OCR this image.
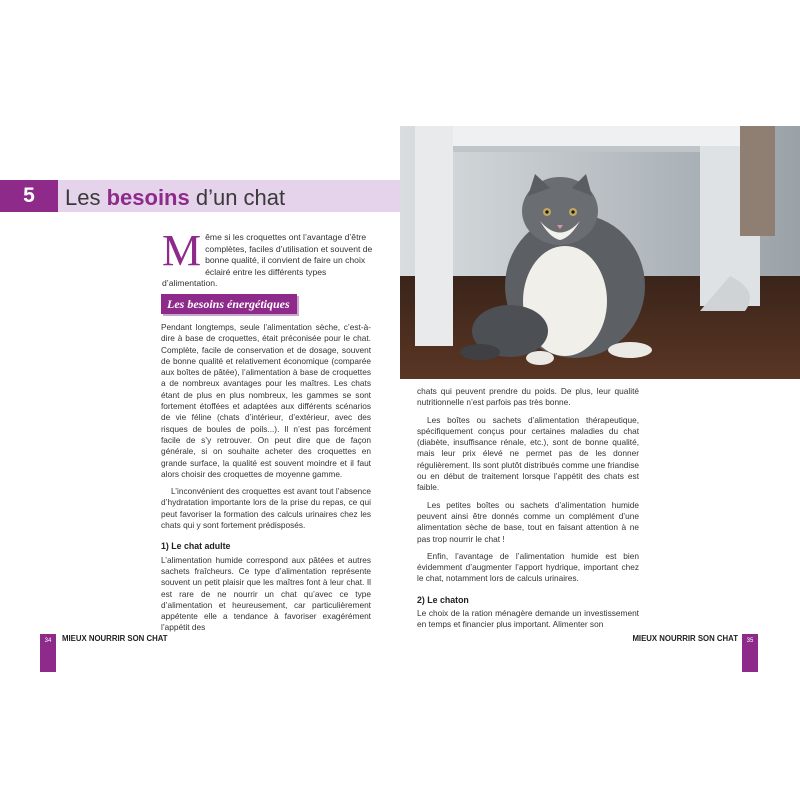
5	Les besoins d’un chat
Même si les croquettes ont l’avantage d’être complètes, faciles d’utilisation et souvent de bonne qualité, il convient de faire un choix éclairé entre les différents types d’alimentation.
Les besoins énergétiques

Pendant longtemps, seule l’alimentation sèche, c’est-à-dire à base de croquettes, était préconisée pour le chat. Complète, facile de conservation et de dosage, souvent de bonne qualité et relativement économique (comparée aux boîtes de pâtée), l’alimentation à base de croquettes a de nombreux avantages pour les maîtres. Les chats étant de plus en plus nombreux, les gammes se sont fortement étoffées et adaptées aux différents scénarios de vie féline (chats d’intérieur, d’extérieur, avec des risques de boules de poils...). Il n’est pas forcément facile de s’y retrouver. On peut dire que de façon générale, si on souhaite acheter des croquettes en grande surface, la qualité est souvent moindre et il faut alors choisir des croquettes de moyenne gamme.

L’inconvénient des croquettes est avant tout l’absence d’hydratation importante lors de la prise du repas, ce qui peut favoriser la formation des calculs urinaires chez les chats qui y sont fortement prédisposés.

1) Le chat adulte

L’alimentation humide correspond aux pâtées et autres sachets fraîcheurs. Ce type d’alimentation représente souvent un petit plaisir que les maîtres font à leur chat. Il est rare de ne nourrir un chat qu’avec ce type d’alimentation et heureusement, car particulièrement appétente elle a tendance à favoriser exagérément l’appétit des

chats qui peuvent prendre du poids. De plus, leur qualité nutritionnelle n’est parfois pas très bonne.

Les boîtes ou sachets d’alimentation thérapeutique, spécifiquement conçus pour certaines maladies du chat (diabète, insuffisance rénale, etc.), sont de bonne qualité, mais leur prix élevé ne permet pas de les donner régulièrement. Ils sont plutôt distribués comme une friandise ou en début de traitement lorsque l’appétit des chats est faible.

Les petites boîtes ou sachets d’alimentation humide peuvent ainsi être donnés comme un complément d’une alimentation sèche de base, tout en faisant attention à ne pas trop nourrir le chat !

Enfin, l’avantage de l’alimentation humide est bien évidemment d’augmenter l’apport hydrique, important chez le chat, notamment lors de calculs urinaires.

2) Le chaton

Le choix de la ration ménagère demande un investissement en temps et financier plus important. Alimenter son

34	MIEUX NOURRIR SON CHAT	MIEUX NOURRIR SON CHAT	35
